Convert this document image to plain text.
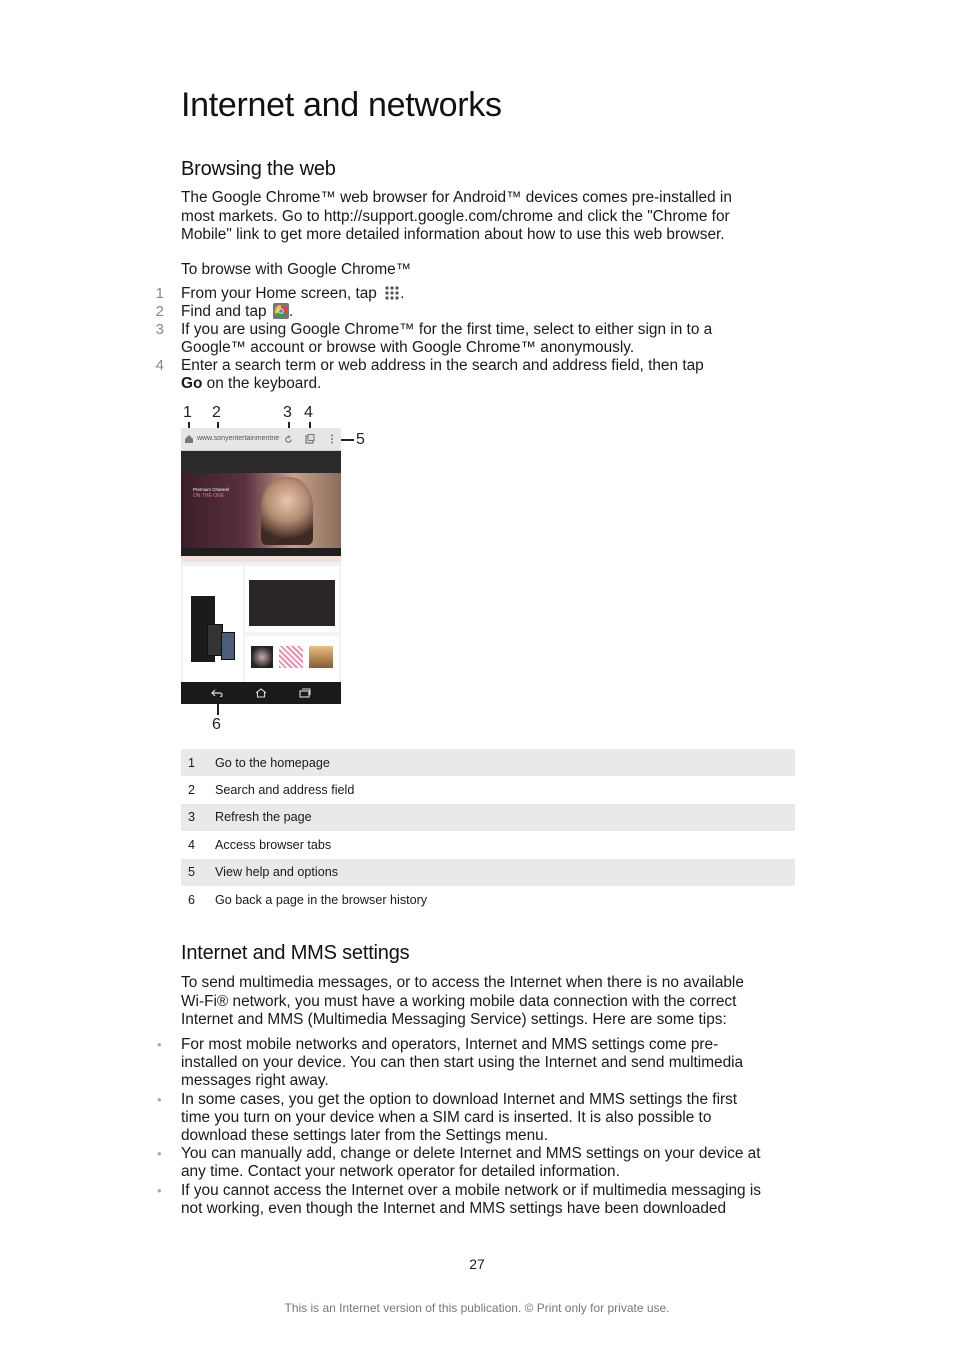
Internet and networks
Browsing the web
The Google Chrome™ web browser for Android™ devices comes pre-installed in
most markets. Go to http://support.google.com/chrome and click the "Chrome for
Mobile" link to get more detailed information about how to use this web browser.
To browse with Google Chrome™
1 From your Home screen, tap .
2 Find and tap .
3 If you are using Google Chrome™ for the first time, select to either sign in to a
Google™ account or browse with Google Chrome™ anonymously.
4 Enter a search term or web address in the search and address field, then tap
Go on the keyboard.
1 2	3 4
5
6
www.sonyentertainmentne
Premium Channel
ON THE ONE
1	Go to the homepage
2	Search and address field
3	Refresh the page
4	Access browser tabs
5	View help and options
6	Go back a page in the browser history
Internet and MMS settings
To send multimedia messages, or to access the Internet when there is no available
Wi-Fi® network, you must have a working mobile data connection with the correct
Internet and MMS (Multimedia Messaging Service) settings. Here are some tips:
• For most mobile networks and operators, Internet and MMS settings come pre-
installed on your device. You can then start using the Internet and send multimedia
messages right away.
• In some cases, you get the option to download Internet and MMS settings the first
time you turn on your device when a SIM card is inserted. It is also possible to
download these settings later from the Settings menu.
• You can manually add, change or delete Internet and MMS settings on your device at
any time. Contact your network operator for detailed information.
• If you cannot access the Internet over a mobile network or if multimedia messaging is
not working, even though the Internet and MMS settings have been downloaded
27
This is an Internet version of this publication. © Print only for private use.
